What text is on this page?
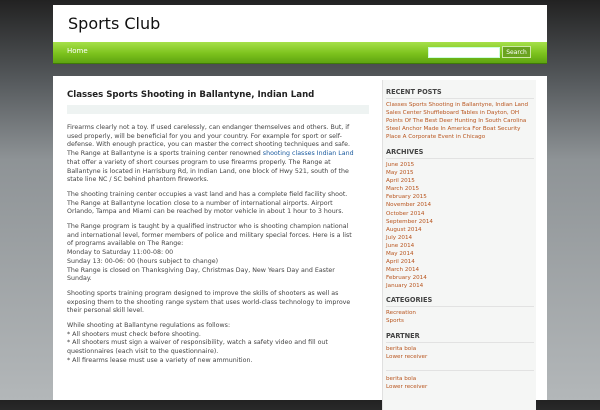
Sports Club
Home	Search
Classes Sports Shooting in Ballantyne, Indian Land

Firearms clearly not a toy. If used carelessly, can endanger themselves and others. But, if
used properly, will be beneficial for you and your country. For example for sport or self-
defense. With enough practice, you can master the correct shooting techniques and safe.
The Range at Ballantyne is a sports training center renowned shooting classes Indian Land
that offer a variety of short courses program to use firearms properly. The Range at
Ballantyne is located in Harrisburg Rd, in Indian Land, one block of Hwy 521, south of the
state line NC / SC behind phantom fireworks.

The shooting training center occupies a vast land and has a complete field facility shoot.
The Range at Ballantyne location close to a number of international airports. Airport
Orlando, Tampa and Miami can be reached by motor vehicle in about 1 hour to 3 hours.

The Range program is taught by a qualified instructor who is shooting champion national
and international level, former members of police and military special forces. Here is a list
of programs available on The Range:
Monday to Saturday 11:00-08: 00
Sunday 13: 00-06: 00 (hours subject to change)
The Range is closed on Thanksgiving Day, Christmas Day, New Years Day and Easter
Sunday.

Shooting sports training program designed to improve the skills of shooters as well as
exposing them to the shooting range system that uses world-class technology to improve
their personal skill level.

While shooting at Ballantyne regulations as follows:
* All shooters must check before shooting.
* All shooters must sign a waiver of responsibility, watch a safety video and fill out
questionnaires (each visit to the questionnaire).
* All firearms lease must use a variety of new ammunition.

RECENT POSTS
Classes Sports Shooting in Ballantyne, Indian Land
Sales Center Shuffleboard Tables in Dayton, OH
Points Of The Best Deer Hunting In South Carolina
Steel Anchor Made In America For Boat Security
Place A Corporate Event in Chicago
ARCHIVES
June 2015
May 2015
April 2015
March 2015
February 2015
November 2014
October 2014
September 2014
August 2014
July 2014
June 2014
May 2014
April 2014
March 2014
February 2014
January 2014
CATEGORIES
Recreation
Sports
PARTNER
berita bola
Lower receiver
berita bola
Lower receiver
